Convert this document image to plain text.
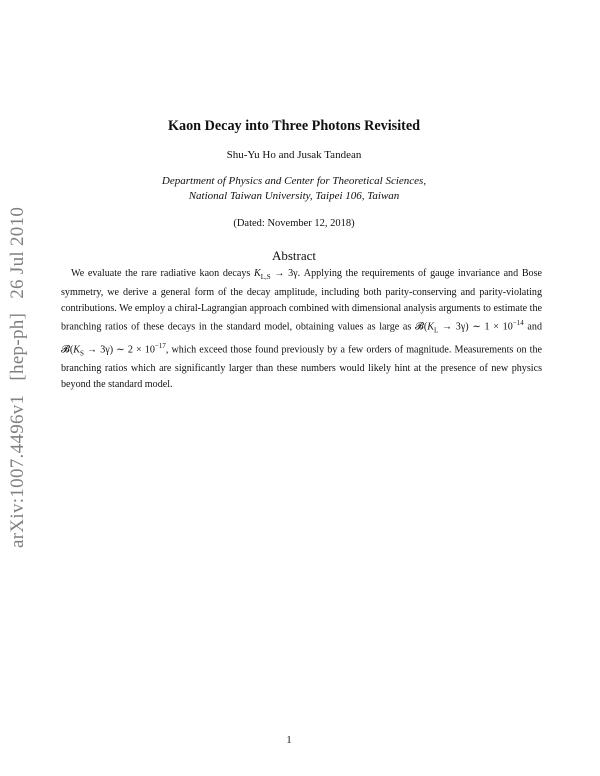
arXiv:1007.4496v1[hep-ph]26 Jul 2010
Kaon Decay into Three Photons Revisited
Shu-Yu Ho and Jusak Tandean
Department of Physics and Center for Theoretical Sciences,
National Taiwan University, Taipei 106, Taiwan
(Dated: November 12, 2018)
Abstract
We evaluate the rare radiative kaon decays $K_{L,S} \to 3\gamma$. Applying the requirements of gauge invariance and Bose symmetry, we derive a general form of the decay amplitude, including both parity-conserving and parity-violating contributions. We employ a chiral-Lagrangian approach combined with dimensional analysis arguments to estimate the branching ratios of these decays in the standard model, obtaining values as large as $𝓑(K_L \to 3\gamma)$ ∼ $1 \times 10^{-14}$ and $𝓑(K_S \to 3\gamma)$ ∼ $2 \times 10^{-17}$, which exceed those found previously by a few orders of magnitude. Measurements on the branching ratios which are significantly larger than these numbers would likely hint at the presence of new physics beyond the standard model.
1
